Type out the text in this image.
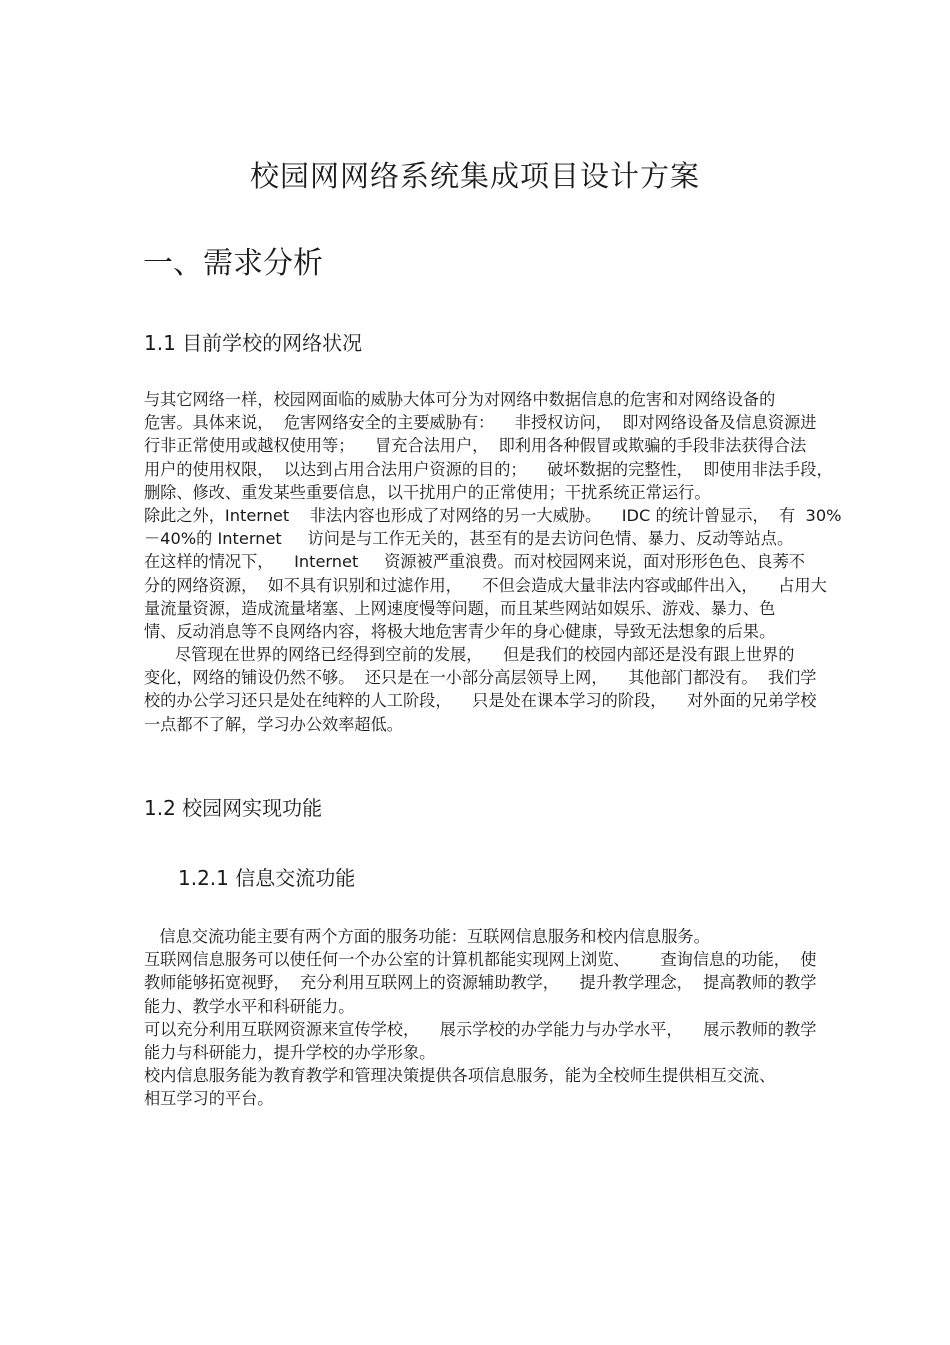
校园网网络系统集成项目设计方案
一、需求分析
1.1 目前学校的网络状况
与其它网络一样，校园网面临的威胁大体可分为对网络中数据信息的危害和对网络设备的
危害。具体来说，  危害网络安全的主要威胁有：    非授权访问，  即对网络设备及信息资源进
行非正常使用或越权使用等；    冒充合法用户，  即利用各种假冒或欺骗的手段非法获得合法
用户的使用权限，  以达到占用合法用户资源的目的；    破坏数据的完整性，  即使用非法手段，
删除、修改、重发某些重要信息，以干扰用户的正常使用；干扰系统正常运行。
除此之外，Internet    非法内容也形成了对网络的另一大威胁。    IDC 的统计曾显示，  有  30%
－40%的 Internet     访问是与工作无关的，甚至有的是去访问色情、暴力、反动等站点。
在这样的情况下，    Internet     资源被严重浪费。而对校园网来说，面对形形色色、良莠不
分的网络资源，  如不具有识别和过滤作用，    不但会造成大量非法内容或邮件出入，    占用大
量流量资源，造成流量堵塞、上网速度慢等问题，而且某些网站如娱乐、游戏、暴力、色
情、反动消息等不良网络内容，将极大地危害青少年的身心健康，导致无法想象的后果。
尽管现在世界的网络已经得到空前的发展，    但是我们的校园内部还是没有跟上世界的
变化，网络的铺设仍然不够。  还只是在一小部分高层领导上网，    其他部门都没有。  我们学
校的办公学习还只是处在纯粹的人工阶段，    只是处在课本学习的阶段，    对外面的兄弟学校
一点都不了解，学习办公效率超低。
1.2 校园网实现功能
1.2.1 信息交流功能
信息交流功能主要有两个方面的服务功能：互联网信息服务和校内信息服务。
互联网信息服务可以使任何一个办公室的计算机都能实现网上浏览、      查询信息的功能，  使
教师能够拓宽视野，  充分利用互联网上的资源辅助教学，    提升教学理念，  提高教师的教学
能力、教学水平和科研能力。
可以充分利用互联网资源来宣传学校，    展示学校的办学能力与办学水平，    展示教师的教学
能力与科研能力，提升学校的办学形象。
校内信息服务能为教育教学和管理决策提供各项信息服务，能为全校师生提供相互交流、
相互学习的平台。
